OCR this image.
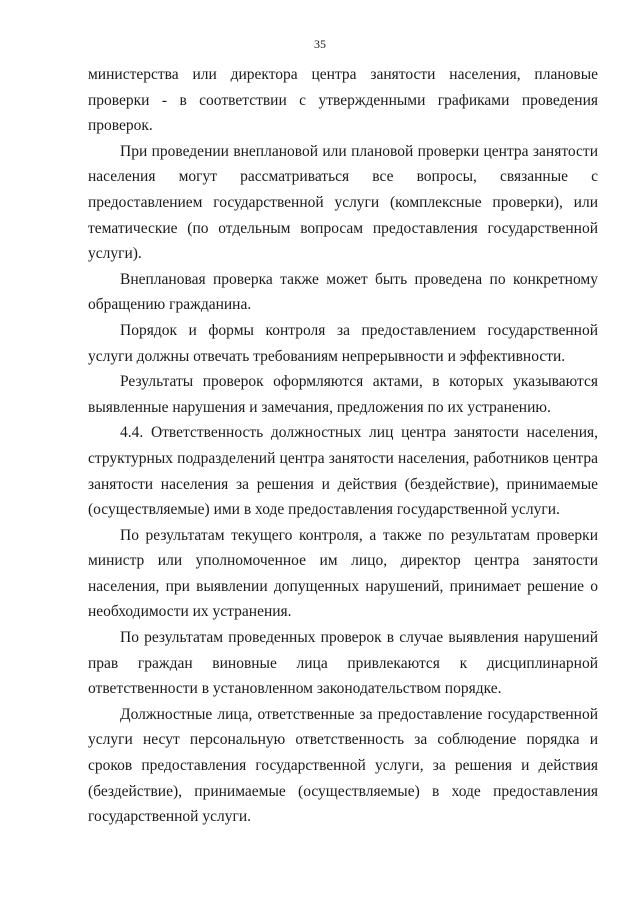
35

министерства или директора центра занятости населения, плановые проверки - в соответствии с утвержденными графиками проведения проверок.

При проведении внеплановой или плановой проверки центра занятости населения могут рассматриваться все вопросы, связанные с предоставлением государственной услуги (комплексные проверки), или тематические (по отдельным вопросам предоставления государственной услуги).

Внеплановая проверка также может быть проведена по конкретному обращению гражданина.

Порядок и формы контроля за предоставлением государственной услуги должны отвечать требованиям непрерывности и эффективности.

Результаты проверок оформляются актами, в которых указываются выявленные нарушения и замечания, предложения по их устранению.

4.4. Ответственность должностных лиц центра занятости населения, структурных подразделений центра занятости населения, работников центра занятости населения за решения и действия (бездействие), принимаемые (осуществляемые) ими в ходе предоставления государственной услуги.

По результатам текущего контроля, а также по результатам проверки министр или уполномоченное им лицо, директор центра занятости населения, при выявлении допущенных нарушений, принимает решение о необходимости их устранения.

По результатам проведенных проверок в случае выявления нарушений прав граждан виновные лица привлекаются к дисциплинарной ответственности в установленном законодательством порядке.

Должностные лица, ответственные за предоставление государственной услуги несут персональную ответственность за соблюдение порядка и сроков предоставления государственной услуги, за решения и действия (бездействие), принимаемые (осуществляемые) в ходе предоставления государственной услуги.
